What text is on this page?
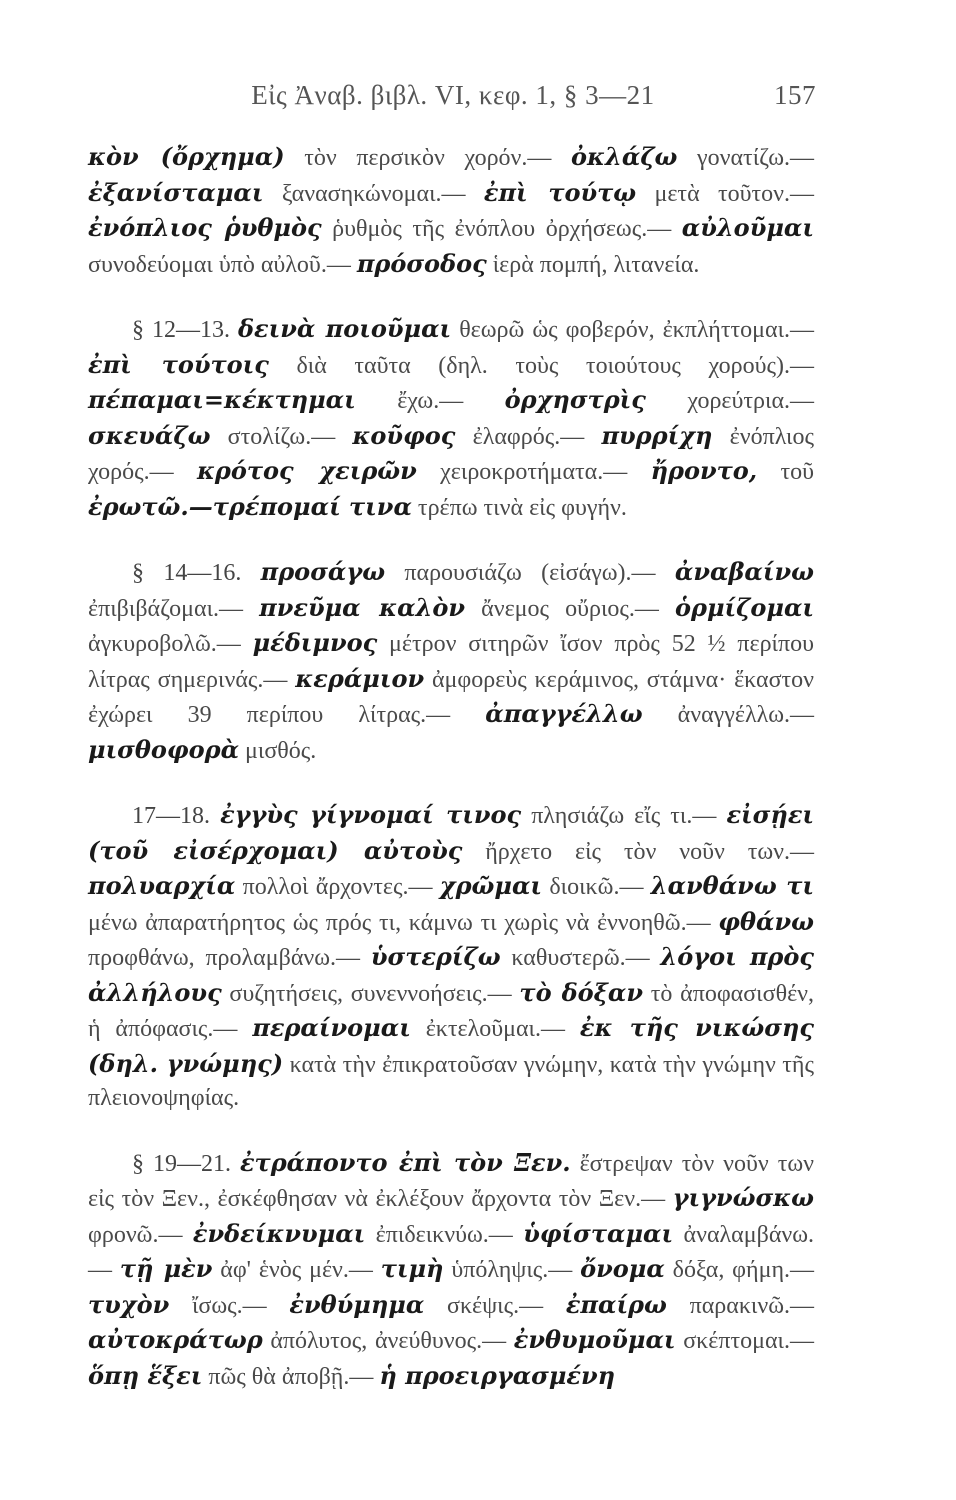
Εἰς Ἀναβ. βιβλ. VI, κεφ. 1, § 3—21	157

κὸν (ὄρχημα) τὸν περσικὸν χορόν.— ὀκλάζω γονατίζω.— ἐξανίσταμαι ξανασηκώνομαι.— ἐπὶ τούτῳ μετὰ τοῦτον.— ἐνόπλιος ῥυθμὸς ῥυθμὸς τῆς ἐνόπλου ὀρχήσεως.— αὐλοῦμαι συνοδεύομαι ὑπὸ αὐλοῦ.— πρόσοδος ἱερὰ πομπή, λιτανεία.

§ 12—13. δεινὰ ποιοῦμαι θεωρῶ ὡς φοβερόν, ἐκπλήττομαι.— ἐπὶ τούτοις διὰ ταῦτα (δηλ. τοὺς τοιούτους χορούς).— πέπαμαι=κέκτημαι ἔχω.— ὀρχηστρὶς χορεύτρια.— σκευάζω στολίζω.— κοῦφος ἐλαφρός.— πυρρίχη ἐνόπλιος χορός.— κρότος χειρῶν χειροκροτήματα.— ἤροντο, τοῦ ἐρωτῶ.—τρέπομαί τινα τρέπω τινὰ εἰς φυγήν.

§ 14—16. προσάγω παρουσιάζω (εἰσάγω).— ἀναβαίνω ἐπιβιβάζομαι.— πνεῦμα καλὸν ἄνεμος οὔριος.— ὁρμίζομαι ἀγκυροβολῶ.— μέδιμνος μέτρον σιτηρῶν ἴσον πρὸς 52 ½ περίπου λίτρας σημερινάς.— κεράμιον ἀμφορεὺς κεράμινος, στάμνα· ἕκαστον ἐχώρει 39 περίπου λίτρας.— ἀπαγγέλλω ἀναγγέλλω.— μισθοφορὰ μισθός.

17—18. ἐγγὺς γίγνομαί τινος πλησιάζω εἴς τι.— εἰσῄει (τοῦ εἰσέρχομαι) αὐτοὺς ἤρχετο εἰς τὸν νοῦν των.— πολυαρχία πολλοὶ ἄρχοντες.— χρῶμαι διοικῶ.— λανθάνω τι μένω ἀπαρατήρητος ὡς πρός τι, κάμνω τι χωρὶς νὰ ἐννοηθῶ.— φθάνω προφθάνω, προλαμβάνω.— ὑστερίζω καθυστερῶ.— λόγοι πρὸς ἀλλήλους συζητήσεις, συνεννοήσεις.— τὸ δόξαν τὸ ἀποφασισθέν, ἡ ἀπόφασις.— περαίνομαι ἐκτελοῦμαι.— ἐκ τῆς νικώσης (δηλ. γνώμης) κατὰ τὴν ἐπικρατοῦσαν γνώμην, κατὰ τὴν γνώμην τῆς πλειονοψηφίας.

§ 19—21. ἐτράποντο ἐπὶ τὸν Ξεν. ἔστρεψαν τὸν νοῦν των εἰς τὸν Ξεν., ἐσκέφθησαν νὰ ἐκλέξουν ἄρχοντα τὸν Ξεν.— γιγνώσκω φρονῶ.— ἐνδείκνυμαι ἐπιδεικνύω.— ὑφίσταμαι ἀναλαμβάνω.— τῇ μὲν ἀφ' ἑνὸς μέν.— τιμὴ ὑπόληψις.— ὄνομα δόξα, φήμη.— τυχὸν ἴσως.— ἐνθύμημα σκέψις.— ἐπαίρω παρακινῶ.— αὐτοκράτωρ ἀπόλυτος, ἀνεύθυνος.— ἐνθυμοῦμαι σκέπτομαι.— ὅπῃ ἕξει πῶς θὰ ἀποβῇ.— ἡ προειργασμένη
